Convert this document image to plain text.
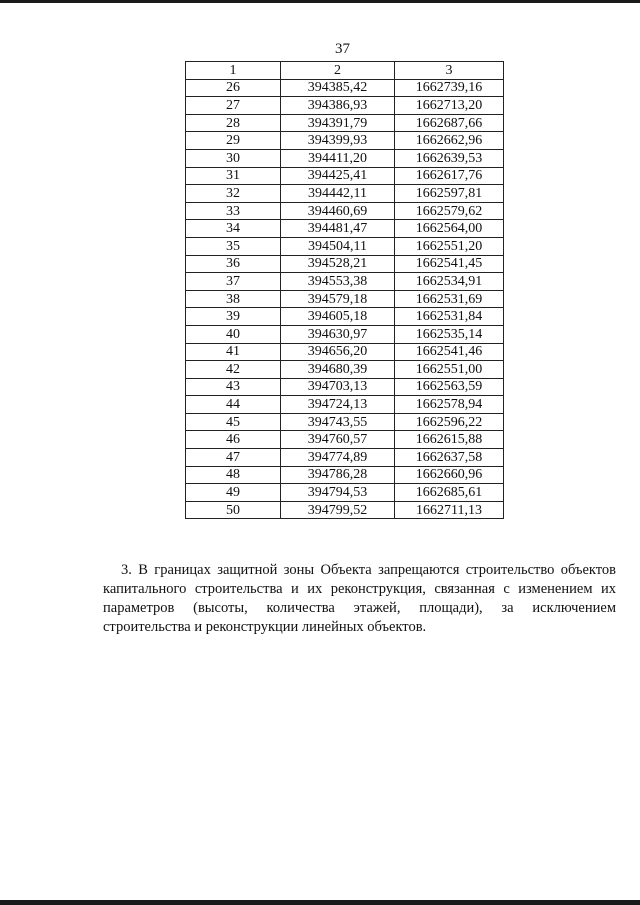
37
1	2	3
26	394385,42	1662739,16
27	394386,93	1662713,20
28	394391,79	1662687,66
29	394399,93	1662662,96
30	394411,20	1662639,53
31	394425,41	1662617,76
32	394442,11	1662597,81
33	394460,69	1662579,62
34	394481,47	1662564,00
35	394504,11	1662551,20
36	394528,21	1662541,45
37	394553,38	1662534,91
38	394579,18	1662531,69
39	394605,18	1662531,84
40	394630,97	1662535,14
41	394656,20	1662541,46
42	394680,39	1662551,00
43	394703,13	1662563,59
44	394724,13	1662578,94
45	394743,55	1662596,22
46	394760,57	1662615,88
47	394774,89	1662637,58
48	394786,28	1662660,96
49	394794,53	1662685,61
50	394799,52	1662711,13

3. В границах защитной зоны Объекта запрещаются строительство объектов капитального строительства и их реконструкция, связанная с изменением их параметров (высоты, количества этажей, площади), за исключением строительства и реконструкции линейных объектов.
